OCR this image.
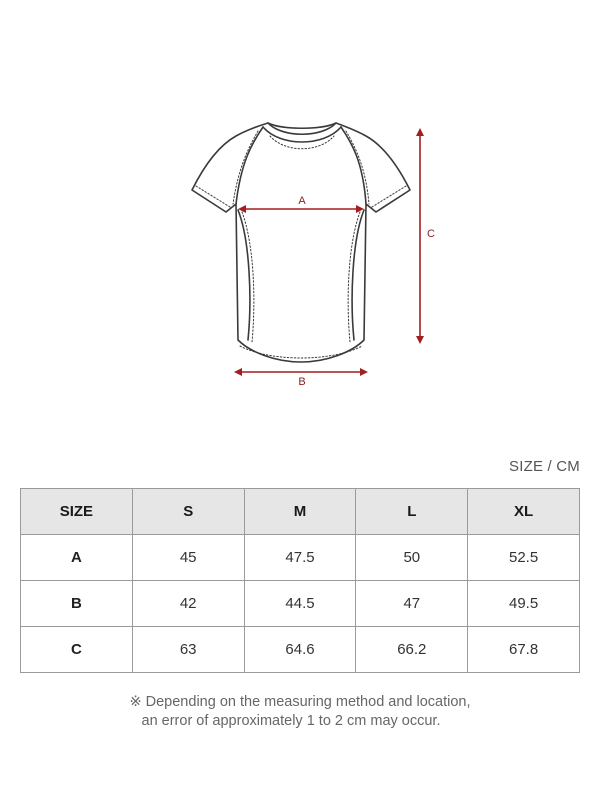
A
B
C
SIZE / CM
SIZE	S	M	L	XL
A	45	47.5	50	52.5
B	42	44.5	47	49.5
C	63	64.6	66.2	67.8
※ Depending on the measuring method and location,
an error of approximately 1 to 2 cm may occur.
